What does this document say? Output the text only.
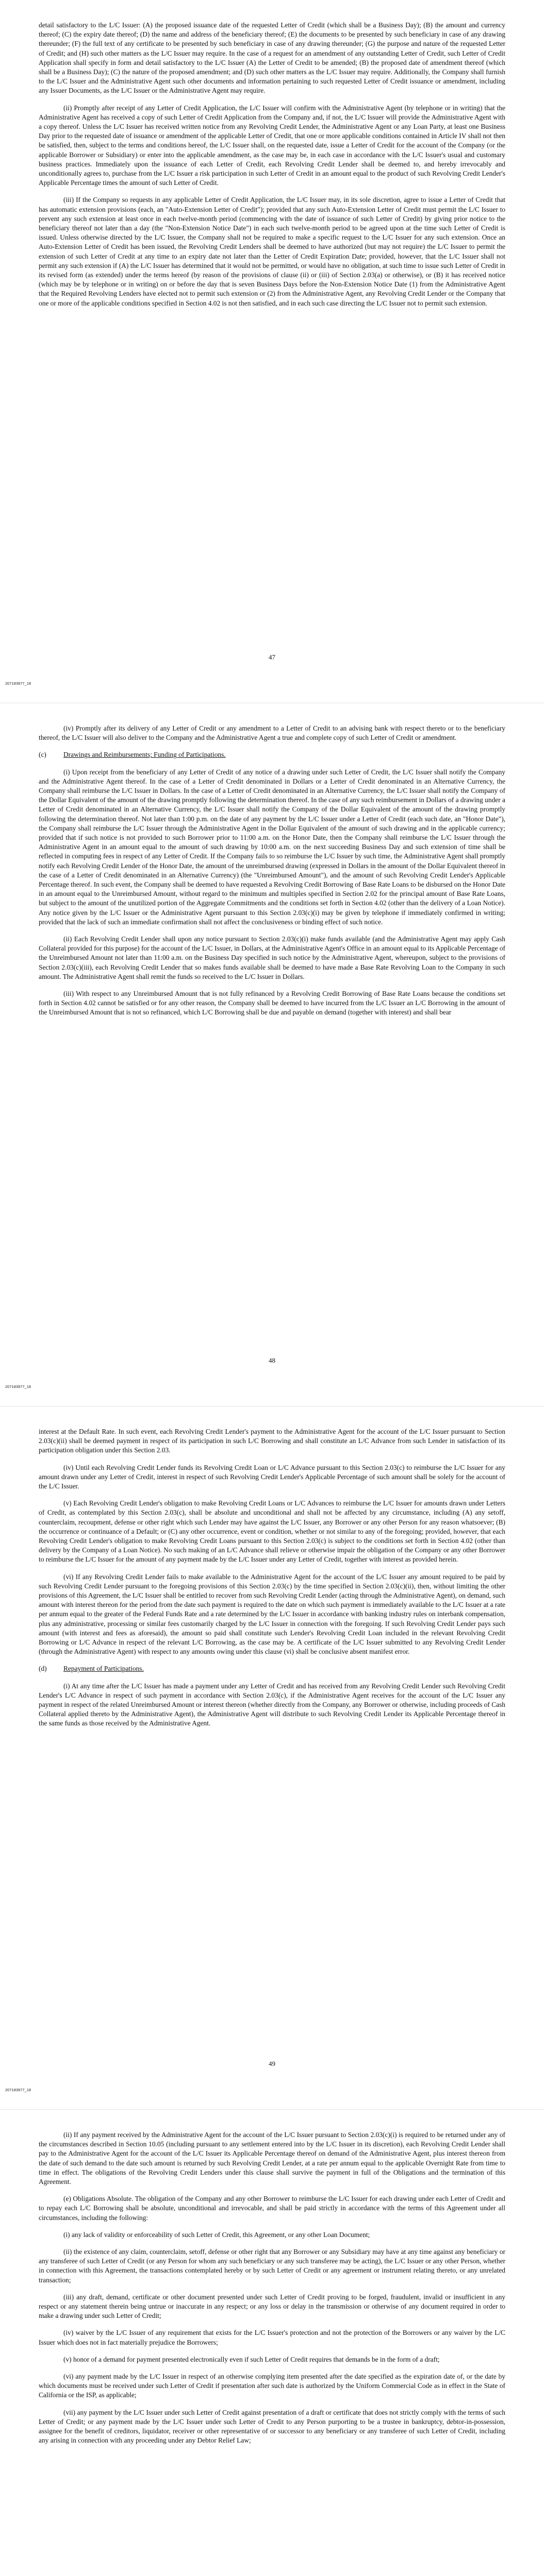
detail satisfactory to the L/C Issuer: (A) the proposed issuance date of the requested Letter of Credit (which shall be a Business Day); (B) the amount and currency thereof; (C) the expiry date thereof; (D) the name and address of the beneficiary thereof; (E) the documents to be presented by such beneficiary in case of any drawing thereunder; (F) the full text of any certificate to be presented by such beneficiary in case of any drawing thereunder; (G) the purpose and nature of the requested Letter of Credit; and (H) such other matters as the L/C Issuer may require. In the case of a request for an amendment of any outstanding Letter of Credit, such Letter of Credit Application shall specify in form and detail satisfactory to the L/C Issuer (A) the Letter of Credit to be amended; (B) the proposed date of amendment thereof (which shall be a Business Day); (C) the nature of the proposed amendment; and (D) such other matters as the L/C Issuer may require. Additionally, the Company shall furnish to the L/C Issuer and the Administrative Agent such other documents and information pertaining to such requested Letter of Credit issuance or amendment, including any Issuer Documents, as the L/C Issuer or the Administrative Agent may require.

(ii) Promptly after receipt of any Letter of Credit Application, the L/C Issuer will confirm with the Administrative Agent (by telephone or in writing) that the Administrative Agent has received a copy of such Letter of Credit Application from the Company and, if not, the L/C Issuer will provide the Administrative Agent with a copy thereof. Unless the L/C Issuer has received written notice from any Revolving Credit Lender, the Administrative Agent or any Loan Party, at least one Business Day prior to the requested date of issuance or amendment of the applicable Letter of Credit, that one or more applicable conditions contained in Article IV shall not then be satisfied, then, subject to the terms and conditions hereof, the L/C Issuer shall, on the requested date, issue a Letter of Credit for the account of the Company (or the applicable Borrower or Subsidiary) or enter into the applicable amendment, as the case may be, in each case in accordance with the L/C Issuer's usual and customary business practices. Immediately upon the issuance of each Letter of Credit, each Revolving Credit Lender shall be deemed to, and hereby irrevocably and unconditionally agrees to, purchase from the L/C Issuer a risk participation in such Letter of Credit in an amount equal to the product of such Revolving Credit Lender's Applicable Percentage times the amount of such Letter of Credit.

(iii) If the Company so requests in any applicable Letter of Credit Application, the L/C Issuer may, in its sole discretion, agree to issue a Letter of Credit that has automatic extension provisions (each, an "Auto-Extension Letter of Credit"); provided that any such Auto-Extension Letter of Credit must permit the L/C Issuer to prevent any such extension at least once in each twelve-month period (commencing with the date of issuance of such Letter of Credit) by giving prior notice to the beneficiary thereof not later than a day (the "Non-Extension Notice Date") in each such twelve-month period to be agreed upon at the time such Letter of Credit is issued. Unless otherwise directed by the L/C Issuer, the Company shall not be required to make a specific request to the L/C Issuer for any such extension. Once an Auto-Extension Letter of Credit has been issued, the Revolving Credit Lenders shall be deemed to have authorized (but may not require) the L/C Issuer to permit the extension of such Letter of Credit at any time to an expiry date not later than the Letter of Credit Expiration Date; provided, however, that the L/C Issuer shall not permit any such extension if (A) the L/C Issuer has determined that it would not be permitted, or would have no obligation, at such time to issue such Letter of Credit in its revised form (as extended) under the terms hereof (by reason of the provisions of clause (ii) or (iii) of Section 2.03(a) or otherwise), or (B) it has received notice (which may be by telephone or in writing) on or before the day that is seven Business Days before the Non-Extension Notice Date (1) from the Administrative Agent that the Required Revolving Lenders have elected not to permit such extension or (2) from the Administrative Agent, any Revolving Credit Lender or the Company that one or more of the applicable conditions specified in Section 4.02 is not then satisfied, and in each such case directing the L/C Issuer not to permit such extension.

47
207183977_18

(iv) Promptly after its delivery of any Letter of Credit or any amendment to a Letter of Credit to an advising bank with respect thereto or to the beneficiary thereof, the L/C Issuer will also deliver to the Company and the Administrative Agent a true and complete copy of such Letter of Credit or amendment.

(c) Drawings and Reimbursements; Funding of Participations.

(i) Upon receipt from the beneficiary of any Letter of Credit of any notice of a drawing under such Letter of Credit, the L/C Issuer shall notify the Company and the Administrative Agent thereof. In the case of a Letter of Credit denominated in Dollars or a Letter of Credit denominated in an Alternative Currency, the Company shall reimburse the L/C Issuer in Dollars. In the case of a Letter of Credit denominated in an Alternative Currency, the L/C Issuer shall notify the Company of the Dollar Equivalent of the amount of the drawing promptly following the determination thereof. In the case of any such reimbursement in Dollars of a drawing under a Letter of Credit denominated in an Alternative Currency, the L/C Issuer shall notify the Company of the Dollar Equivalent of the amount of the drawing promptly following the determination thereof. Not later than 1:00 p.m. on the date of any payment by the L/C Issuer under a Letter of Credit (each such date, an "Honor Date"), the Company shall reimburse the L/C Issuer through the Administrative Agent in the Dollar Equivalent of the amount of such drawing and in the applicable currency; provided that if such notice is not provided to such Borrower prior to 11:00 a.m. on the Honor Date, then the Company shall reimburse the L/C Issuer through the Administrative Agent in an amount equal to the amount of such drawing by 10:00 a.m. on the next succeeding Business Day and such extension of time shall be reflected in computing fees in respect of any Letter of Credit. If the Company fails to so reimburse the L/C Issuer by such time, the Administrative Agent shall promptly notify each Revolving Credit Lender of the Honor Date, the amount of the unreimbursed drawing (expressed in Dollars in the amount of the Dollar Equivalent thereof in the case of a Letter of Credit denominated in an Alternative Currency) (the "Unreimbursed Amount"), and the amount of such Revolving Credit Lender's Applicable Percentage thereof. In such event, the Company shall be deemed to have requested a Revolving Credit Borrowing of Base Rate Loans to be disbursed on the Honor Date in an amount equal to the Unreimbursed Amount, without regard to the minimum and multiples specified in Section 2.02 for the principal amount of Base Rate Loans, but subject to the amount of the unutilized portion of the Aggregate Commitments and the conditions set forth in Section 4.02 (other than the delivery of a Loan Notice). Any notice given by the L/C Issuer or the Administrative Agent pursuant to this Section 2.03(c)(i) may be given by telephone if immediately confirmed in writing; provided that the lack of such an immediate confirmation shall not affect the conclusiveness or binding effect of such notice.

(ii) Each Revolving Credit Lender shall upon any notice pursuant to Section 2.03(c)(i) make funds available (and the Administrative Agent may apply Cash Collateral provided for this purpose) for the account of the L/C Issuer, in Dollars, at the Administrative Agent's Office in an amount equal to its Applicable Percentage of the Unreimbursed Amount not later than 11:00 a.m. on the Business Day specified in such notice by the Administrative Agent, whereupon, subject to the provisions of Section 2.03(c)(iii), each Revolving Credit Lender that so makes funds available shall be deemed to have made a Base Rate Revolving Loan to the Company in such amount. The Administrative Agent shall remit the funds so received to the L/C Issuer in Dollars.

(iii) With respect to any Unreimbursed Amount that is not fully refinanced by a Revolving Credit Borrowing of Base Rate Loans because the conditions set forth in Section 4.02 cannot be satisfied or for any other reason, the Company shall be deemed to have incurred from the L/C Issuer an L/C Borrowing in the amount of the Unreimbursed Amount that is not so refinanced, which L/C Borrowing shall be due and payable on demand (together with interest) and shall bear

48
207183977_18

interest at the Default Rate. In such event, each Revolving Credit Lender's payment to the Administrative Agent for the account of the L/C Issuer pursuant to Section 2.03(c)(ii) shall be deemed payment in respect of its participation in such L/C Borrowing and shall constitute an L/C Advance from such Lender in satisfaction of its participation obligation under this Section 2.03.

(iv) Until each Revolving Credit Lender funds its Revolving Credit Loan or L/C Advance pursuant to this Section 2.03(c) to reimburse the L/C Issuer for any amount drawn under any Letter of Credit, interest in respect of such Revolving Credit Lender's Applicable Percentage of such amount shall be solely for the account of the L/C Issuer.

(v) Each Revolving Credit Lender's obligation to make Revolving Credit Loans or L/C Advances to reimburse the L/C Issuer for amounts drawn under Letters of Credit, as contemplated by this Section 2.03(c), shall be absolute and unconditional and shall not be affected by any circumstance, including (A) any setoff, counterclaim, recoupment, defense or other right which such Lender may have against the L/C Issuer, any Borrower or any other Person for any reason whatsoever; (B) the occurrence or continuance of a Default; or (C) any other occurrence, event or condition, whether or not similar to any of the foregoing; provided, however, that each Revolving Credit Lender's obligation to make Revolving Credit Loans pursuant to this Section 2.03(c) is subject to the conditions set forth in Section 4.02 (other than delivery by the Company of a Loan Notice). No such making of an L/C Advance shall relieve or otherwise impair the obligation of the Company or any other Borrower to reimburse the L/C Issuer for the amount of any payment made by the L/C Issuer under any Letter of Credit, together with interest as provided herein.

(vi) If any Revolving Credit Lender fails to make available to the Administrative Agent for the account of the L/C Issuer any amount required to be paid by such Revolving Credit Lender pursuant to the foregoing provisions of this Section 2.03(c) by the time specified in Section 2.03(c)(ii), then, without limiting the other provisions of this Agreement, the L/C Issuer shall be entitled to recover from such Revolving Credit Lender (acting through the Administrative Agent), on demand, such amount with interest thereon for the period from the date such payment is required to the date on which such payment is immediately available to the L/C Issuer at a rate per annum equal to the greater of the Federal Funds Rate and a rate determined by the L/C Issuer in accordance with banking industry rules on interbank compensation, plus any administrative, processing or similar fees customarily charged by the L/C Issuer in connection with the foregoing. If such Revolving Credit Lender pays such amount (with interest and fees as aforesaid), the amount so paid shall constitute such Lender's Revolving Credit Loan included in the relevant Revolving Credit Borrowing or L/C Advance in respect of the relevant L/C Borrowing, as the case may be. A certificate of the L/C Issuer submitted to any Revolving Credit Lender (through the Administrative Agent) with respect to any amounts owing under this clause (vi) shall be conclusive absent manifest error.

(d) Repayment of Participations.

(i) At any time after the L/C Issuer has made a payment under any Letter of Credit and has received from any Revolving Credit Lender such Revolving Credit Lender's L/C Advance in respect of such payment in accordance with Section 2.03(c), if the Administrative Agent receives for the account of the L/C Issuer any payment in respect of the related Unreimbursed Amount or interest thereon (whether directly from the Company, any Borrower or otherwise, including proceeds of Cash Collateral applied thereto by the Administrative Agent), the Administrative Agent will distribute to such Revolving Credit Lender its Applicable Percentage thereof in the same funds as those received by the Administrative Agent.

49
207183977_18

(ii) If any payment received by the Administrative Agent for the account of the L/C Issuer pursuant to Section 2.03(c)(i) is required to be returned under any of the circumstances described in Section 10.05 (including pursuant to any settlement entered into by the L/C Issuer in its discretion), each Revolving Credit Lender shall pay to the Administrative Agent for the account of the L/C Issuer its Applicable Percentage thereof on demand of the Administrative Agent, plus interest thereon from the date of such demand to the date such amount is returned by such Revolving Credit Lender, at a rate per annum equal to the applicable Overnight Rate from time to time in effect. The obligations of the Revolving Credit Lenders under this clause shall survive the payment in full of the Obligations and the termination of this Agreement.

(e) Obligations Absolute. The obligation of the Company and any other Borrower to reimburse the L/C Issuer for each drawing under each Letter of Credit and to repay each L/C Borrowing shall be absolute, unconditional and irrevocable, and shall be paid strictly in accordance with the terms of this Agreement under all circumstances, including the following:

(i) any lack of validity or enforceability of such Letter of Credit, this Agreement, or any other Loan Document;

(ii) the existence of any claim, counterclaim, setoff, defense or other right that any Borrower or any Subsidiary may have at any time against any beneficiary or any transferee of such Letter of Credit (or any Person for whom any such beneficiary or any such transferee may be acting), the L/C Issuer or any other Person, whether in connection with this Agreement, the transactions contemplated hereby or by such Letter of Credit or any agreement or instrument relating thereto, or any unrelated transaction;

(iii) any draft, demand, certificate or other document presented under such Letter of Credit proving to be forged, fraudulent, invalid or insufficient in any respect or any statement therein being untrue or inaccurate in any respect; or any loss or delay in the transmission or otherwise of any document required in order to make a drawing under such Letter of Credit;

(iv) waiver by the L/C Issuer of any requirement that exists for the L/C Issuer's protection and not the protection of the Borrowers or any waiver by the L/C Issuer which does not in fact materially prejudice the Borrowers;

(v) honor of a demand for payment presented electronically even if such Letter of Credit requires that demands be in the form of a draft;

(vi) any payment made by the L/C Issuer in respect of an otherwise complying item presented after the date specified as the expiration date of, or the date by which documents must be received under such Letter of Credit if presentation after such date is authorized by the Uniform Commercial Code as in effect in the State of California or the ISP, as applicable;

(vii) any payment by the L/C Issuer under such Letter of Credit against presentation of a draft or certificate that does not strictly comply with the terms of such Letter of Credit; or any payment made by the L/C Issuer under such Letter of Credit to any Person purporting to be a trustee in bankruptcy, debtor-in-possession, assignee for the benefit of creditors, liquidator, receiver or other representative of or successor to any beneficiary or any transferee of such Letter of Credit, including any arising in connection with any proceeding under any Debtor Relief Law;
